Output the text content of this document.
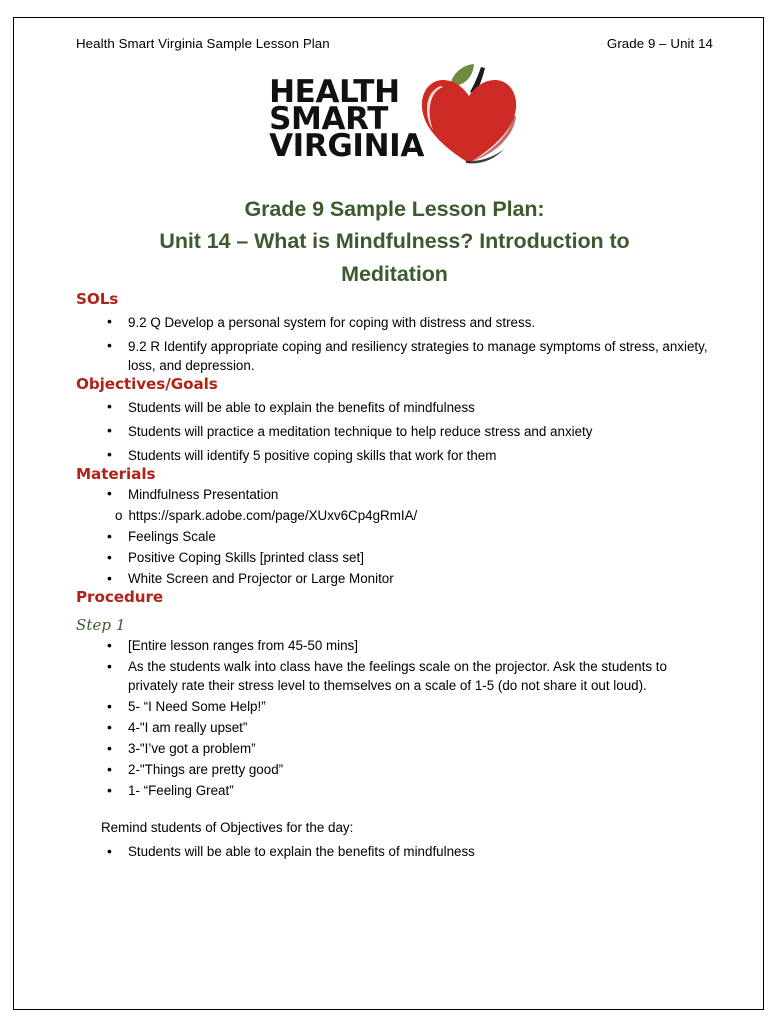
Health Smart Virginia Sample Lesson Plan	Grade 9 – Unit 14
HEALTH
SMART
VIRGINIA
Grade 9 Sample Lesson Plan:
Unit 14 – What is Mindfulness? Introduction to
Meditation
SOLs
• 9.2 Q Develop a personal system for coping with distress and stress.
• 9.2 R Identify appropriate coping and resiliency strategies to manage symptoms of stress, anxiety, loss, and depression.
Objectives/Goals
• Students will be able to explain the benefits of mindfulness
• Students will practice a meditation technique to help reduce stress and anxiety
• Students will identify 5 positive coping skills that work for them
Materials
• Mindfulness Presentation
o https://spark.adobe.com/page/XUxv6Cp4gRmIA/
• Feelings Scale
• Positive Coping Skills [printed class set]
• White Screen and Projector or Large Monitor
Procedure
Step 1
• [Entire lesson ranges from 45-50 mins]
• As the students walk into class have the feelings scale on the projector. Ask the students to privately rate their stress level to themselves on a scale of 1-5 (do not share it out loud).
• 5- “I Need Some Help!”
• 4-"I am really upset”
• 3-"I’ve got a problem”
• 2-"Things are pretty good”
• 1- “Feeling Great”
Remind students of Objectives for the day:
• Students will be able to explain the benefits of mindfulness
